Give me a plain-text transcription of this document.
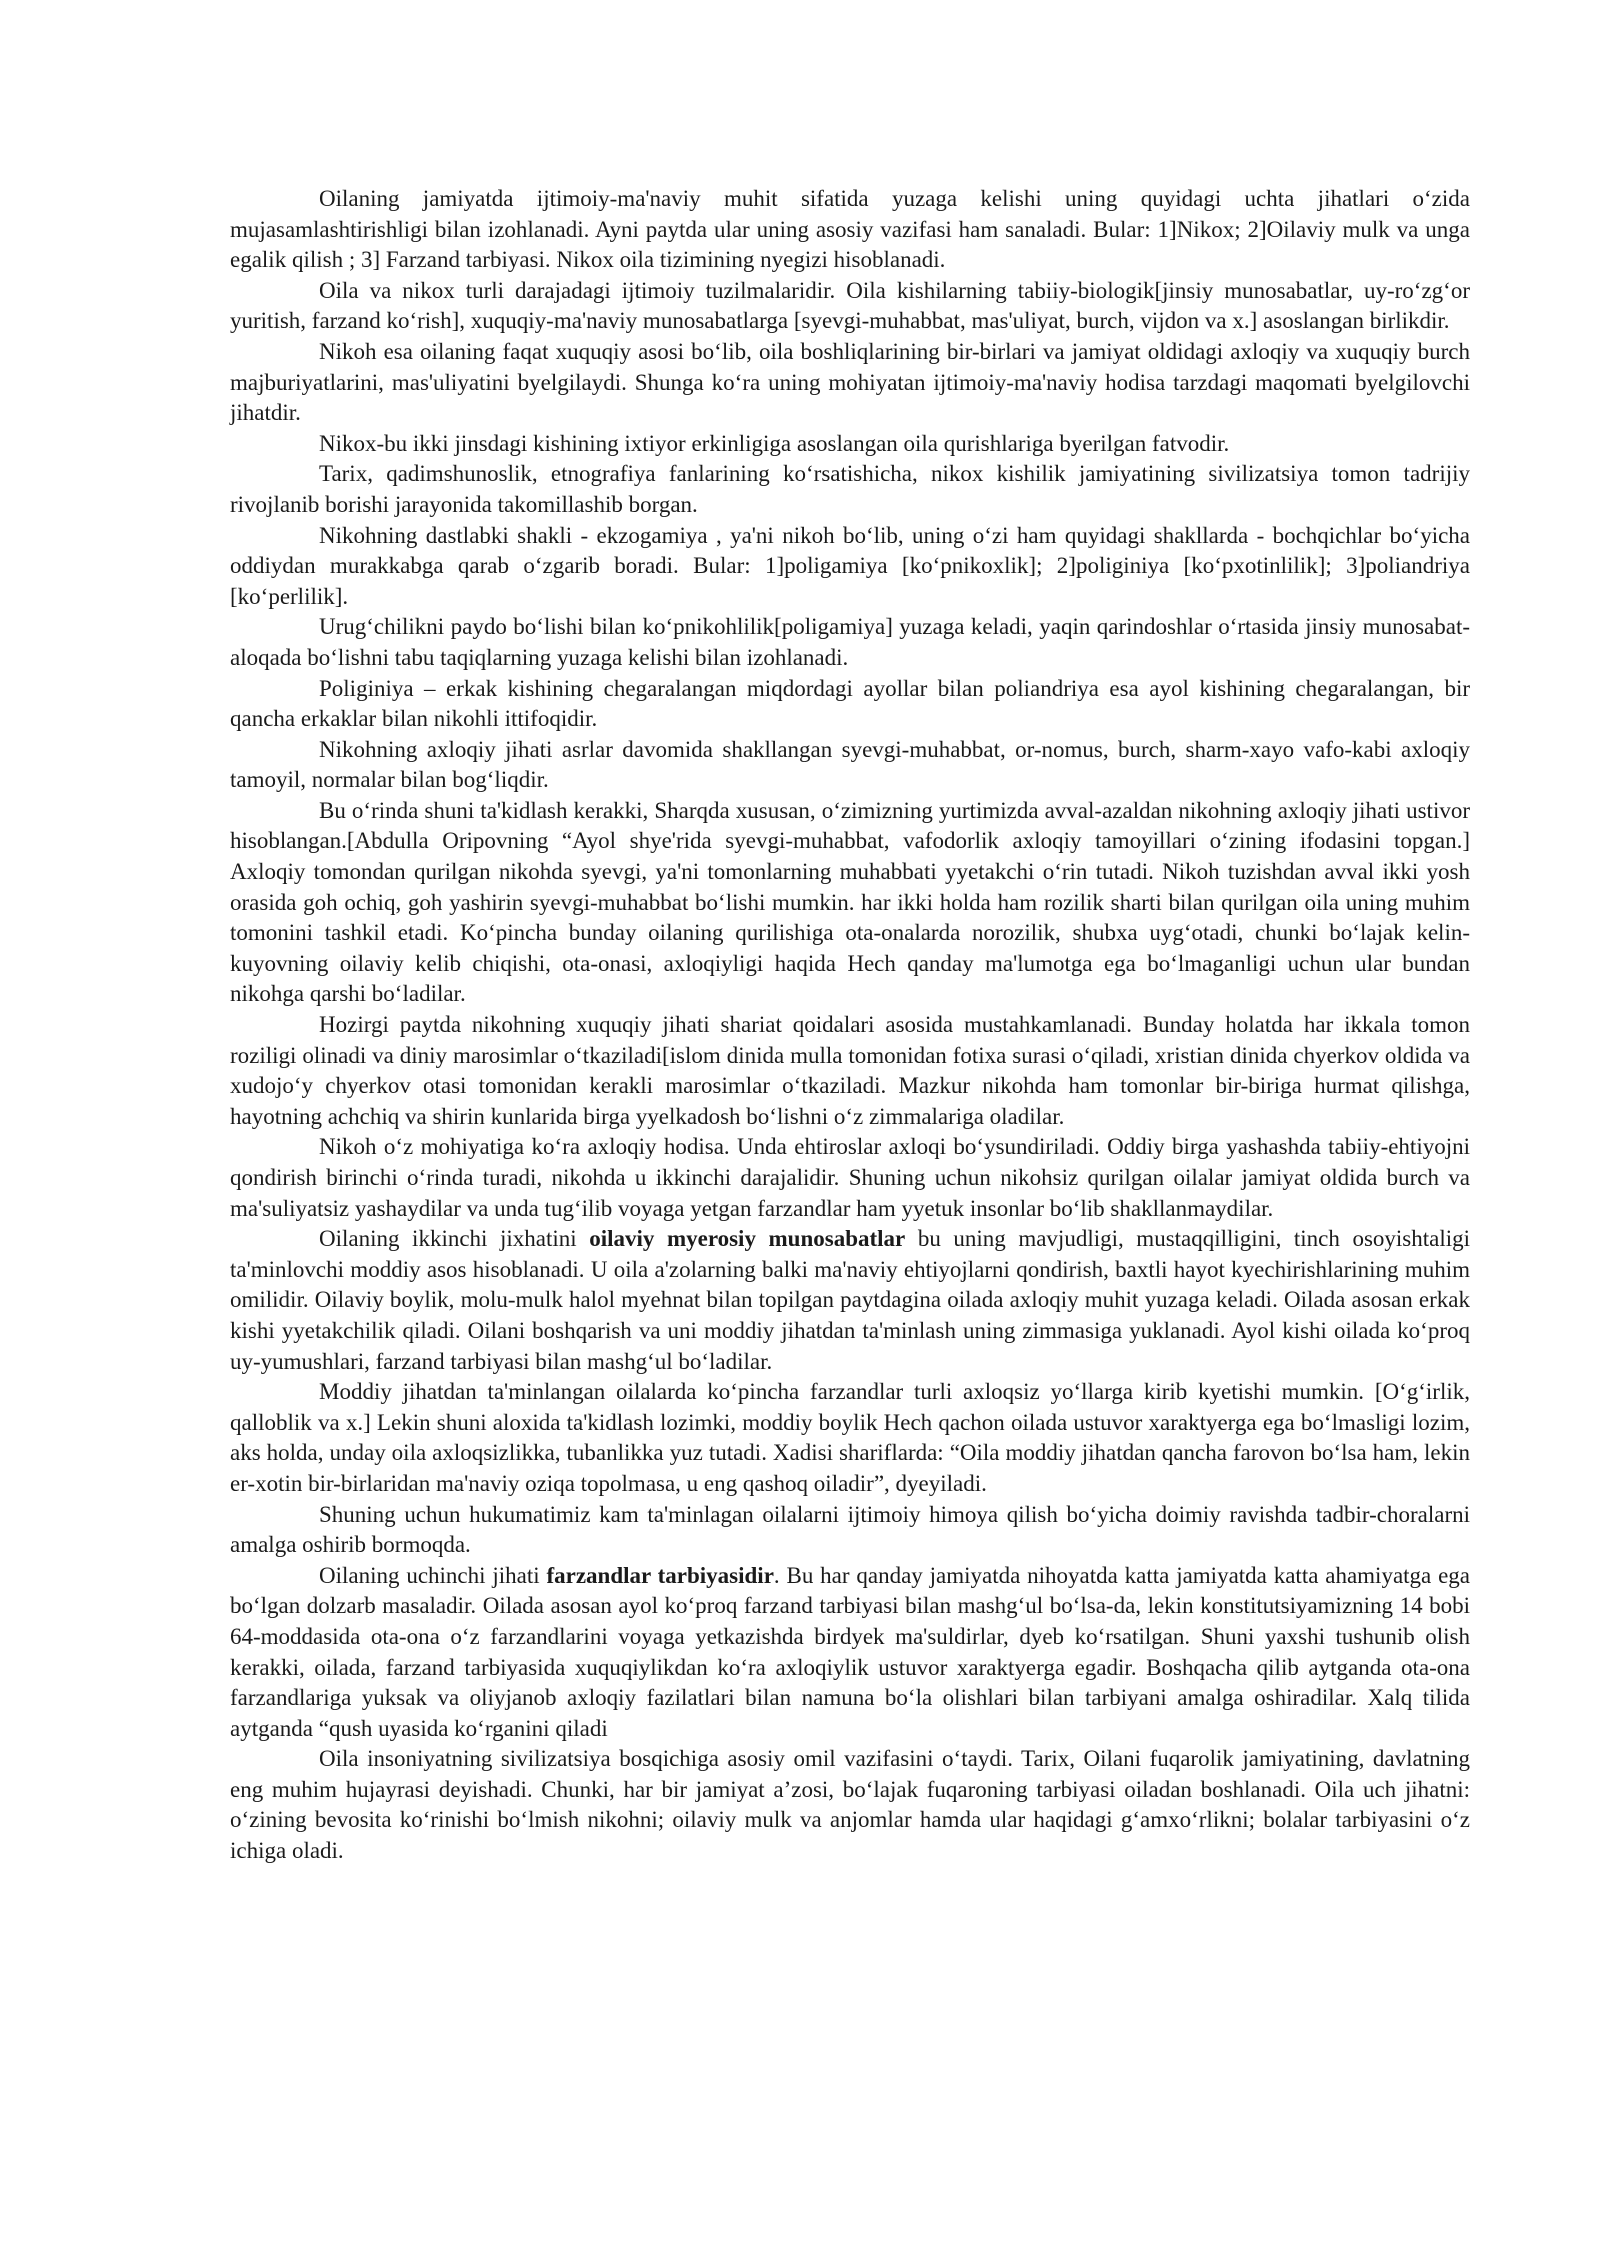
Oilaning jamiyatda ijtimoiy-ma'naviy muhit sifatida yuzaga kelishi uning quyidagi uchta jihatlari o‘zida mujasamlashtirishligi bilan izohlanadi. Ayni paytda ular uning asosiy vazifasi ham sanaladi. Bular: 1]Nikox; 2]Oilaviy mulk va unga egalik qilish ; 3] Farzand tarbiyasi. Nikox oila tizimining nyegizi hisoblanadi.

Oila va nikox turli darajadagi ijtimoiy tuzilmalaridir. Oila kishilarning tabiiy-biologik[jinsiy munosabatlar, uy-ro‘zg‘or yuritish, farzand ko‘rish], xuquqiy-ma'naviy munosabatlarga [syevgi-muhabbat, mas'uliyat, burch, vijdon va x.] asoslangan birlikdir.

Nikoh esa oilaning faqat xuquqiy asosi bo‘lib, oila boshliqlarining bir-birlari va jamiyat oldidagi axloqiy va xuquqiy burch majburiyatlarini, mas'uliyatini byelgilaydi. Shunga ko‘ra uning mohiyatan ijtimoiy-ma'naviy hodisa tarzdagi maqomati byelgilovchi jihatdir.

Nikox-bu ikki jinsdagi kishining ixtiyor erkinligiga asoslangan oila qurishlariga byerilgan fatvodir.

Tarix, qadimshunoslik, etnografiya fanlarining ko‘rsatishicha, nikox kishilik jamiyatining sivilizatsiya tomon tadrijiy rivojlanib borishi jarayonida takomillashib borgan.

Nikohning dastlabki shakli - ekzogamiya , ya'ni nikoh bo‘lib, uning o‘zi ham quyidagi shakllarda - bochqichlar bo‘yicha oddiydan murakkabga qarab o‘zgarib boradi. Bular: 1]poligamiya [ko‘pnikoxlik]; 2]poliginiya [ko‘pxotinlilik]; 3]poliandriya [ko‘perlilik].

Urug‘chilikni paydo bo‘lishi bilan ko‘pnikohlilik[poligamiya] yuzaga keladi, yaqin qarindoshlar o‘rtasida jinsiy munosabat-aloqada bo‘lishni tabu taqiqlarning yuzaga kelishi bilan izohlanadi.

Poliginiya – erkak kishining chegaralangan miqdordagi ayollar bilan poliandriya esa ayol kishining chegaralangan, bir qancha erkaklar bilan nikohli ittifoqidir.

Nikohning axloqiy jihati asrlar davomida shakllangan syevgi-muhabbat, or-nomus, burch, sharm-xayo vafo-kabi axloqiy tamoyil, normalar bilan bog‘liqdir.

Bu o‘rinda shuni ta'kidlash kerakki, Sharqda xususan, o‘zimizning yurtimizda avval-azaldan nikohning axloqiy jihati ustivor hisoblangan.[Abdulla Oripovning “Ayol shye'rida syevgi-muhabbat, vafodorlik axloqiy tamoyillari o‘zining ifodasini topgan.] Axloqiy tomondan qurilgan nikohda syevgi, ya'ni tomonlarning muhabbati yyetakchi o‘rin tutadi. Nikoh tuzishdan avval ikki yosh orasida goh ochiq, goh yashirin syevgi-muhabbat bo‘lishi mumkin. har ikki holda ham rozilik sharti bilan qurilgan oila uning muhim tomonini tashkil etadi. Ko‘pincha bunday oilaning qurilishiga ota-onalarda norozilik, shubxa uyg‘otadi, chunki bo‘lajak kelin-kuyovning oilaviy kelib chiqishi, ota-onasi, axloqiyligi haqida Hech qanday ma'lumotga ega bo‘lmaganligi uchun ular bundan nikohga qarshi bo‘ladilar.

Hozirgi paytda nikohning xuquqiy jihati shariat qoidalari asosida mustahkamlanadi. Bunday holatda har ikkala tomon roziligi olinadi va diniy marosimlar o‘tkaziladi[islom dinida mulla tomonidan fotixa surasi o‘qiladi, xristian dinida chyerkov oldida va xudojo‘y chyerkov otasi tomonidan kerakli marosimlar o‘tkaziladi. Mazkur nikohda ham tomonlar bir-biriga hurmat qilishga, hayotning achchiq va shirin kunlarida birga yyelkadosh bo‘lishni o‘z zimmalariga oladilar.

Nikoh o‘z mohiyatiga ko‘ra axloqiy hodisa. Unda ehtiroslar axloqi bo‘ysundiriladi. Oddiy birga yashashda tabiiy-ehtiyojni qondirish birinchi o‘rinda turadi, nikohda u ikkinchi darajalidir. Shuning uchun nikohsiz qurilgan oilalar jamiyat oldida burch va ma'suliyatsiz yashaydilar va unda tug‘ilib voyaga yetgan farzandlar ham yyetuk insonlar bo‘lib shakllanmaydilar.

Oilaning ikkinchi jixhatini oilaviy myerosiy munosabatlar bu uning mavjudligi, mustaqqilligini, tinch osoyishtaligi ta'minlovchi moddiy asos hisoblanadi. U oila a'zolarning balki ma'naviy ehtiyojlarni qondirish, baxtli hayot kyechirishlarining muhim omilidir. Oilaviy boylik, molu-mulk halol myehnat bilan topilgan paytdagina oilada axloqiy muhit yuzaga keladi. Oilada asosan erkak kishi yyetakchilik qiladi. Oilani boshqarish va uni moddiy jihatdan ta'minlash uning zimmasiga yuklanadi. Ayol kishi oilada ko‘proq uy-yumushlari, farzand tarbiyasi bilan mashg‘ul bo‘ladilar.

Moddiy jihatdan ta'minlangan oilalarda ko‘pincha farzandlar turli axloqsiz yo‘llarga kirib kyetishi mumkin. [O‘g‘irlik, qalloblik va x.] Lekin shuni aloxida ta'kidlash lozimki, moddiy boylik Hech qachon oilada ustuvor xaraktyerga ega bo‘lmasligi lozim, aks holda, unday oila axloqsizlikka, tubanlikka yuz tutadi. Xadisi shariflarda: “Oila moddiy jihatdan qancha farovon bo‘lsa ham, lekin er-xotin bir-birlaridan ma'naviy oziqa topolmasa, u eng qashoq oiladir”, dyeyiladi.

Shuning uchun hukumatimiz kam ta'minlagan oilalarni ijtimoiy himoya qilish bo‘yicha doimiy ravishda tadbir-choralarni amalga oshirib bormoqda.

Oilaning uchinchi jihati farzandlar tarbiyasidir. Bu har qanday jamiyatda nihoyatda katta jamiyatda katta ahamiyatga ega bo‘lgan dolzarb masaladir. Oilada asosan ayol ko‘proq farzand tarbiyasi bilan mashg‘ul bo‘lsa-da, lekin konstitutsiyamizning 14 bobi 64-moddasida ota-ona o‘z farzandlarini voyaga yetkazishda birdyek ma'suldirlar, dyeb ko‘rsatilgan. Shuni yaxshi tushunib olish kerakki, oilada, farzand tarbiyasida xuquqiylikdan ko‘ra axloqiylik ustuvor xaraktyerga egadir. Boshqacha qilib aytganda ota-ona farzandlariga yuksak va oliyjanob axloqiy fazilatlari bilan namuna bo‘la olishlari bilan tarbiyani amalga oshiradilar. Xalq tilida aytganda “qush uyasida ko‘rganini qiladi

Oila insoniyatning sivilizatsiya bosqichiga asosiy omil vazifasini o‘taydi. Tarix, Oilani fuqarolik jamiyatining, davlatning eng muhim hujayrasi deyishadi. Chunki, har bir jamiyat a’zosi, bo‘lajak fuqaroning tarbiyasi oiladan boshlanadi. Oila uch jihatni: o‘zining bevosita ko‘rinishi bo‘lmish nikohni; oilaviy mulk va anjomlar hamda ular haqidagi g‘amxo‘rlikni; bolalar tarbiyasini o‘z ichiga oladi.
